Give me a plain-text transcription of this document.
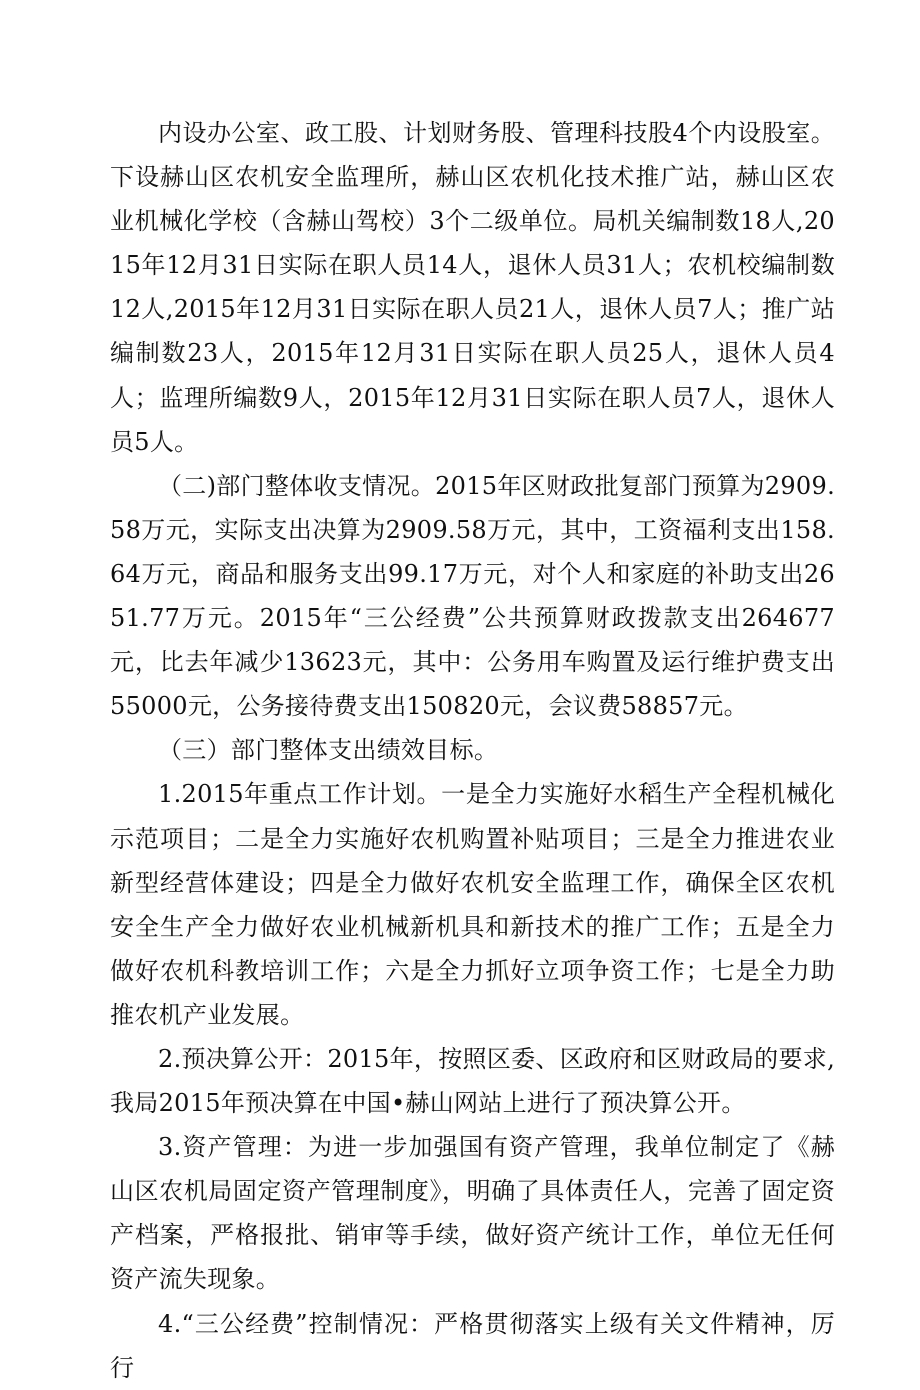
内设办公室、政工股、计划财务股、管理科技股4个内设股室。下设赫山区农机安全监理所，赫山区农机化技术推广站，赫山区农业机械化学校（含赫山驾校）3个二级单位。局机关编制数18人,2015年12月31日实际在职人员14人，退休人员31人；农机校编制数12人,2015年12月31日实际在职人员21人，退休人员7人；推广站编制数23人，2015年12月31日实际在职人员25人，退休人员4人；监理所编数9人，2015年12月31日实际在职人员7人，退休人员5人。

（二)部门整体收支情况。2015年区财政批复部门预算为2909.58万元，实际支出决算为2909.58万元，其中，工资福利支出158.64万元，商品和服务支出99.17万元，对个人和家庭的补助支出2651.77万元。2015年“三公经费”公共预算财政拨款支出264677元，比去年减少13623元，其中：公务用车购置及运行维护费支出55000元，公务接待费支出150820元，会议费58857元。

（三）部门整体支出绩效目标。

1.2015年重点工作计划。一是全力实施好水稻生产全程机械化示范项目；二是全力实施好农机购置补贴项目；三是全力推进农业新型经营体建设；四是全力做好农机安全监理工作，确保全区农机安全生产全力做好农业机械新机具和新技术的推广工作；五是全力做好农机科教培训工作；六是全力抓好立项争资工作；七是全力助推农机产业发展。

2.预决算公开：2015年，按照区委、区政府和区财政局的要求,我局2015年预决算在中国•赫山网站上进行了预决算公开。

3.资产管理：为进一步加强国有资产管理，我单位制定了《赫山区农机局固定资产管理制度》，明确了具体责任人，完善了固定资产档案，严格报批、销审等手续，做好资产统计工作，单位无任何资产流失现象。

4.“三公经费”控制情况：严格贯彻落实上级有关文件精神，厉行
